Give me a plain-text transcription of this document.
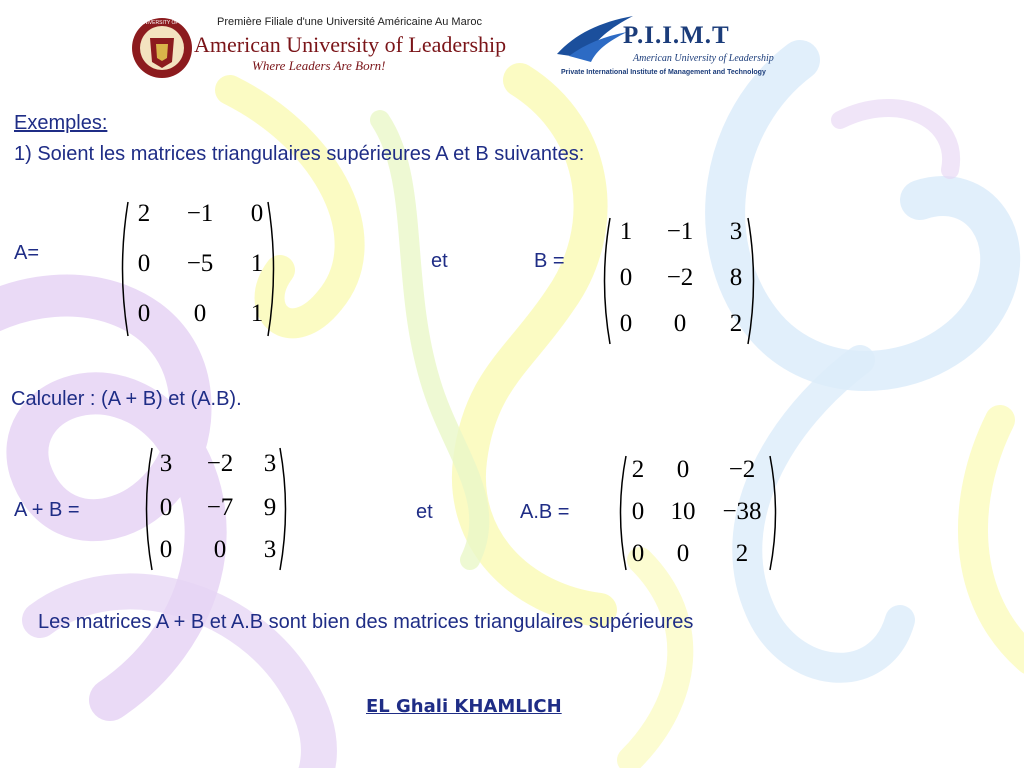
AMERICAN UNIVERSITY OF LEADERSHIP Première Filiale d'une Université Américaine Au Maroc
American University of Leadership
Where Leaders Are Born!
P.I.I.M.T
American University of Leadership
Private International Institute of Management and Technology
Exemples:
1) Soient les matrices triangulaires supérieures A et B suivantes:
A=	et	B =
Calculer : (A + B) et (A.B).
A + B =	et	A.B =
Les matrices A + B et A.B sont bien des matrices triangulaires supérieures
EL Ghali KHAMLICH
2 −1 0
0 −5 1
0 0 1
1 −1 3
0 −2 8
0 0 2
3 −2 3
0 −7 9
0 0 3
2 0 −2
0 10 −38
0 0 2
